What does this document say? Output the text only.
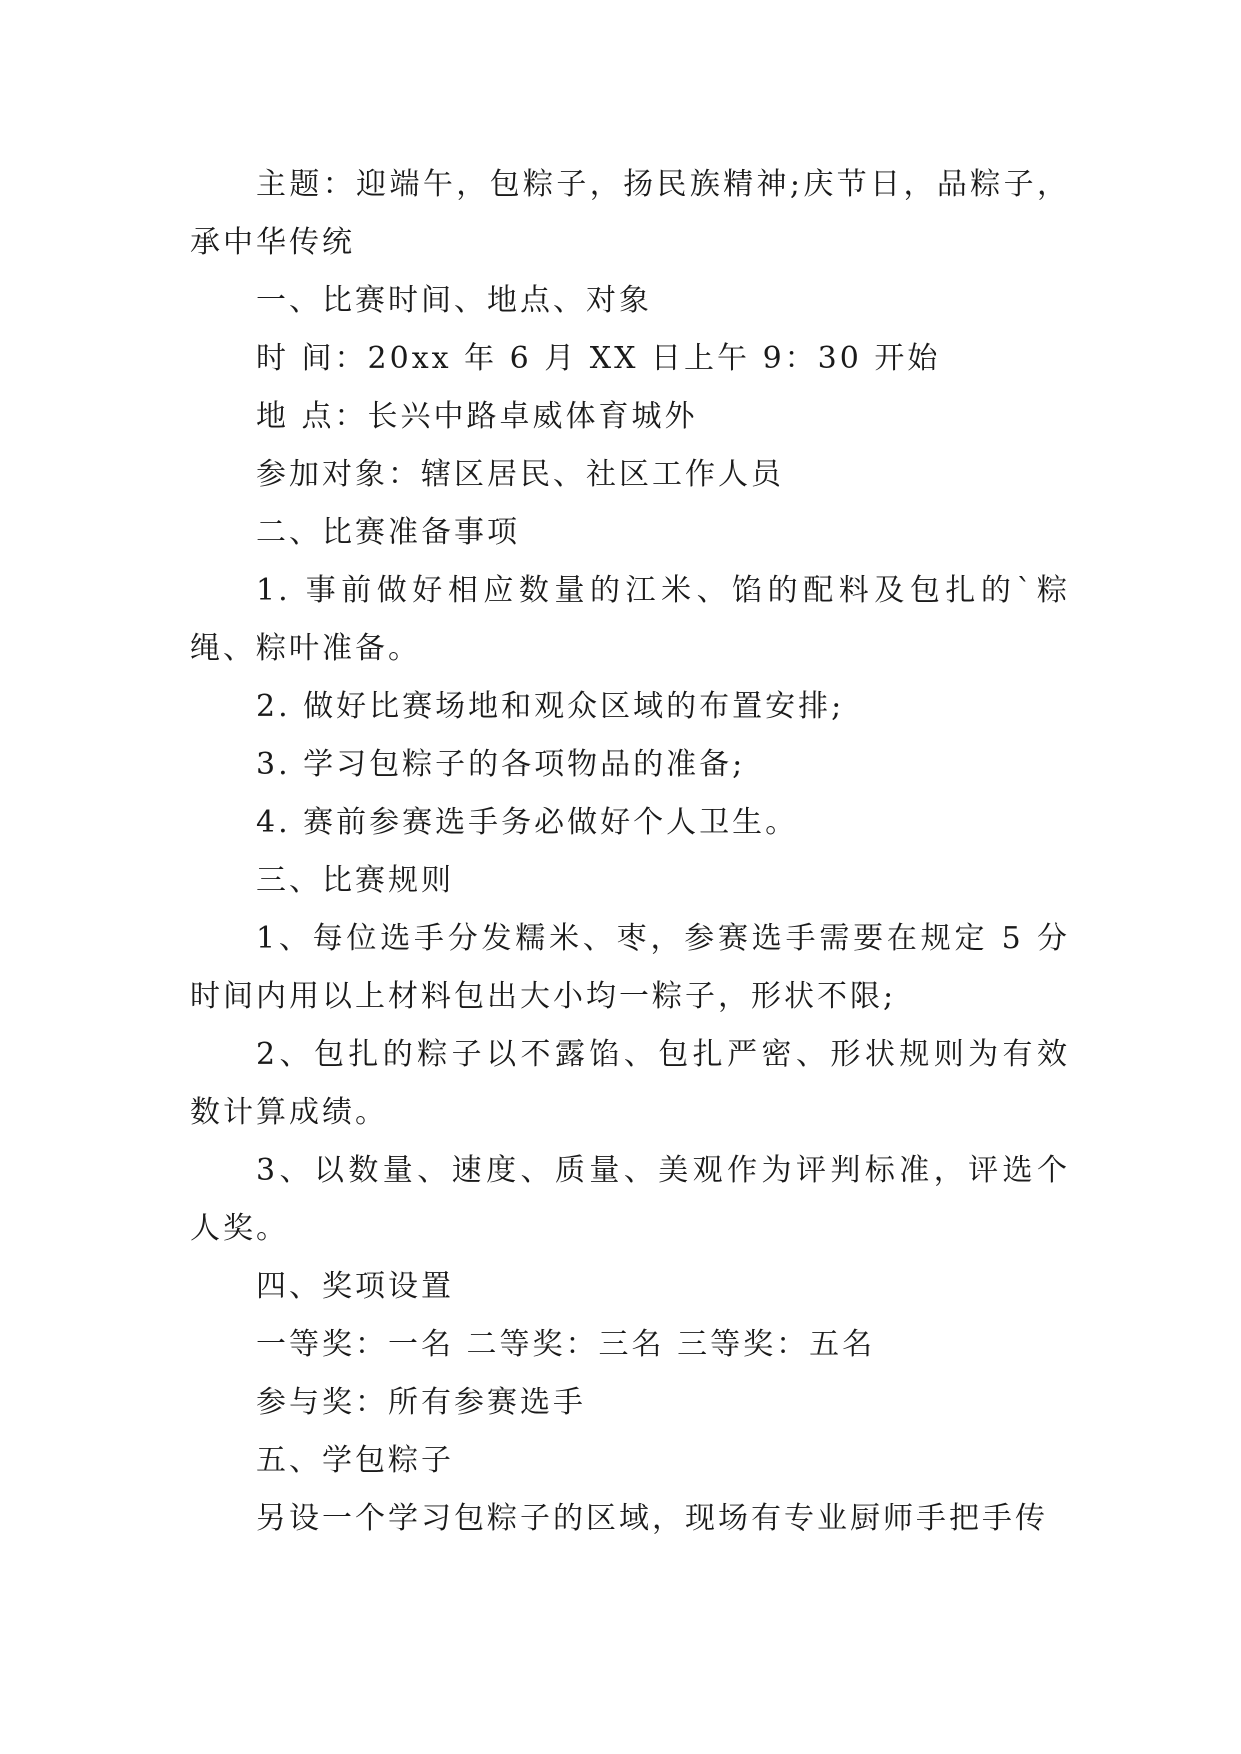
主题：迎端午，包粽子，扬民族精神;庆节日，品粽子，承中华传统

一、比赛时间、地点、对象

时 间：20xx 年 6 月 XX 日上午 9：30 开始

地 点：长兴中路卓威体育城外

参加对象：辖区居民、社区工作人员

二、比赛准备事项

1. 事前做好相应数量的江米、馅的配料及包扎的`粽绳、粽叶准备。

2. 做好比赛场地和观众区域的布置安排;

3. 学习包粽子的各项物品的准备;

4. 赛前参赛选手务必做好个人卫生。

三、比赛规则

1、每位选手分发糯米、枣，参赛选手需要在规定 5 分时间内用以上材料包出大小均一粽子，形状不限;

2、包扎的粽子以不露馅、包扎严密、形状规则为有效数计算成绩。

3、以数量、速度、质量、美观作为评判标准，评选个人奖。

四、奖项设置

一等奖：一名 二等奖：三名 三等奖：五名

参与奖：所有参赛选手

五、学包粽子

另设一个学习包粽子的区域，现场有专业厨师手把手传
